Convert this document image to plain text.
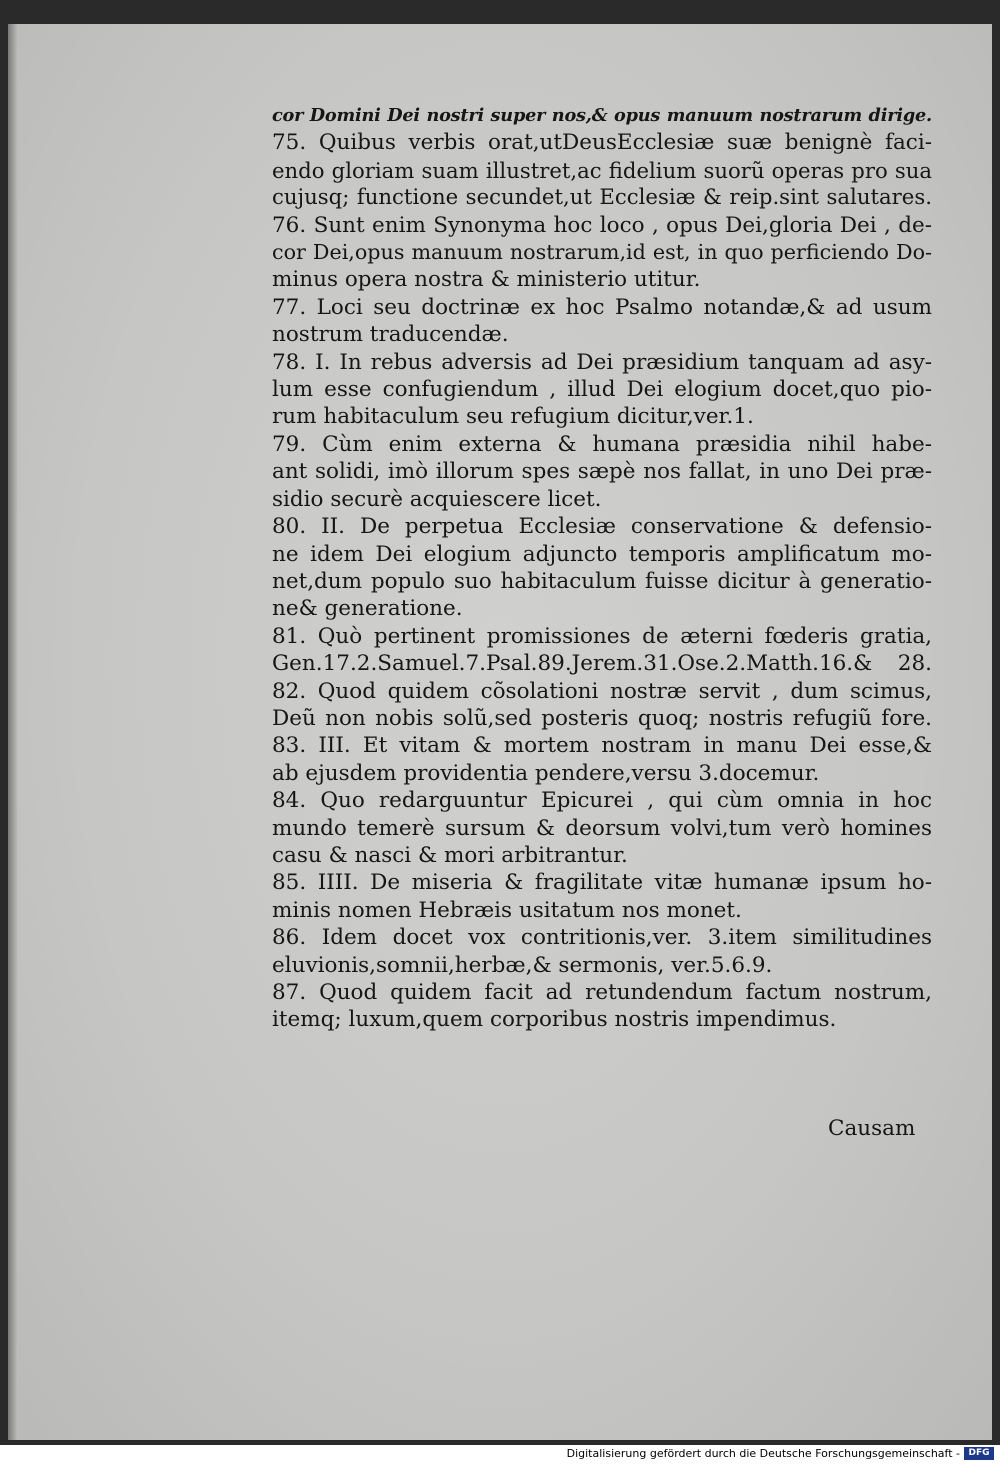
cor Domini Dei nostri super nos,& opus manuum nostrarum dirige.
75. Quibus verbis orat,utDeusEcclesiæ suæ benignè faci-
endo gloriam suam illustret,ac fidelium suorũ operas pro sua
cujusq; functione secundet,ut Ecclesiæ & reip.sint salutares.
76. Sunt enim Synonyma hoc loco , opus Dei,gloria Dei , de-
cor Dei,opus manuum nostrarum,id est, in quo perficiendo Do-
minus opera nostra & ministerio utitur.
77. Loci seu doctrinæ ex hoc Psalmo notandæ,& ad usum
nostrum traducendæ.
78. I. In rebus adversis ad Dei præsidium tanquam ad asy-
lum esse confugiendum , illud Dei elogium docet,quo pio-
rum habitaculum seu refugium dicitur,ver.1.
79. Cùm enim externa & humana præsidia nihil habe-
ant solidi, imò illorum spes sæpè nos fallat, in uno Dei præ-
sidio securè acquiescere licet.
80. II. De perpetua Ecclesiæ conservatione & defensio-
ne idem Dei elogium adjuncto temporis amplificatum mo-
net,dum populo suo habitaculum fuisse dicitur à generatio-
ne& generatione.
81. Quò pertinent promissiones de æterni fœderis gratia,
Gen.17.2.Samuel.7.Psal.89.Jerem.31.Ose.2.Matth.16.& 28.
82. Quod quidem cõsolationi nostræ servit , dum scimus,
Deũ non nobis solũ,sed posteris quoq; nostris refugiũ fore.
83. III. Et vitam & mortem nostram in manu Dei esse,&
ab ejusdem providentia pendere,versu 3.docemur.
84. Quo redarguuntur Epicurei , qui cùm omnia in hoc
mundo temerè sursum & deorsum volvi,tum verò homines
casu & nasci & mori arbitrantur.
85. IIII. De miseria & fragilitate vitæ humanæ ipsum ho-
minis nomen Hebræis usitatum nos monet.
86. Idem docet vox contritionis,ver. 3.item similitudines
eluvionis,somnii,herbæ,& sermonis, ver.5.6.9.
87. Quod quidem facit ad retundendum factum nostrum,
itemq; luxum,quem corporibus nostris impendimus.
Causam
Digitalisierung gefördert durch die Deutsche Forschungsgemeinschaft - DFG
